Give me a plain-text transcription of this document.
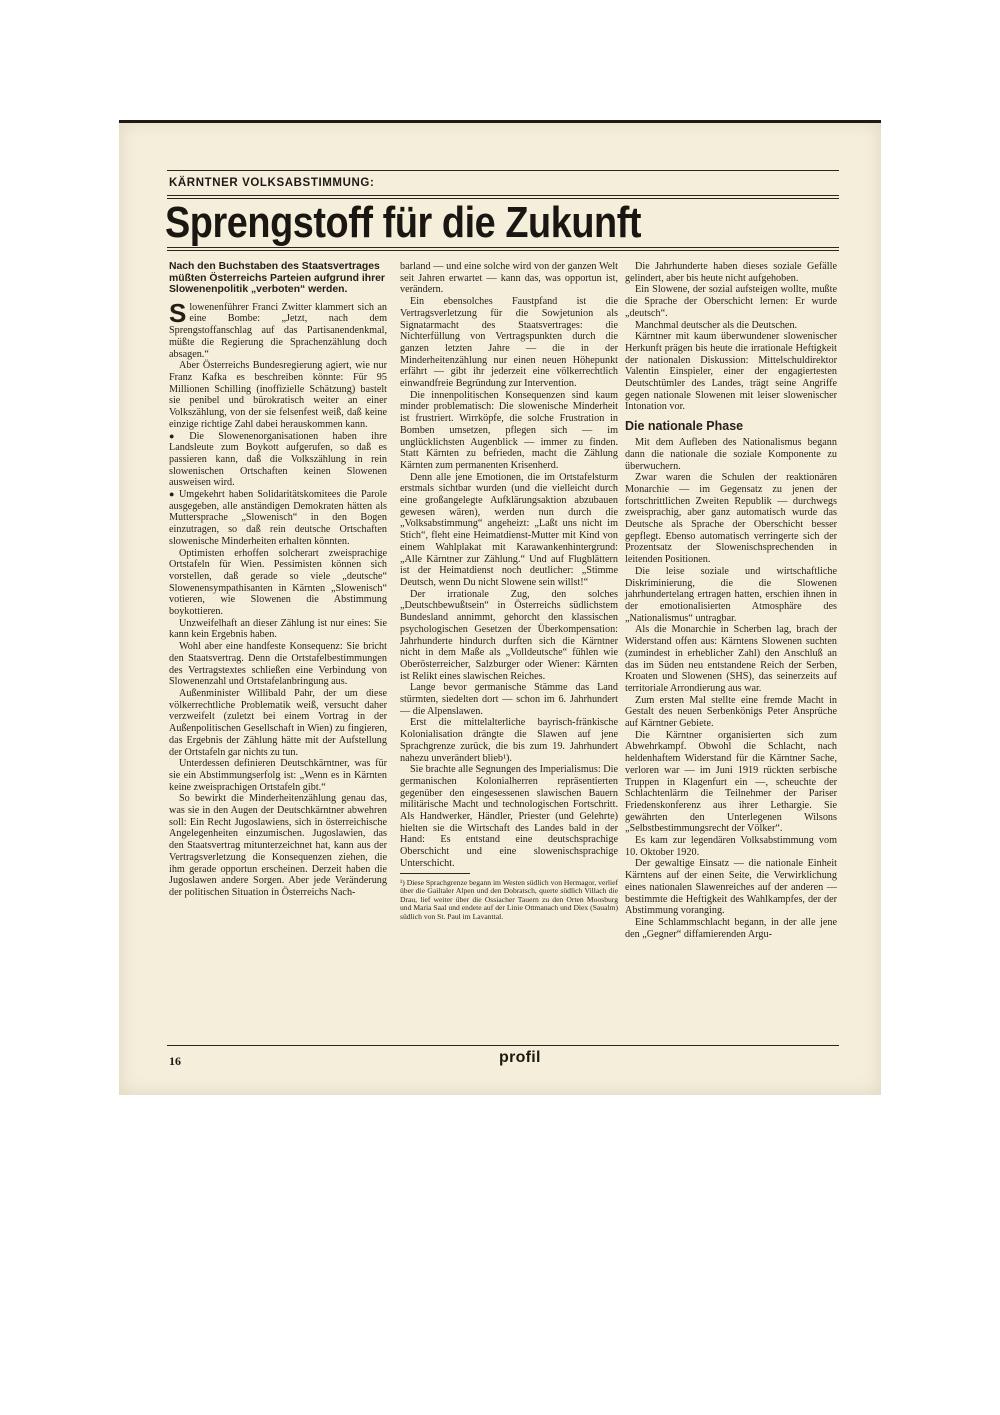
KÄRNTNER VOLKSABSTIMMUNG:
Sprengstoff für die Zukunft

Nach den Buchstaben des Staatsvertrages müßten Österreichs Parteien aufgrund ihrer Slowenenpolitik „verboten“ werden.

Slowenenführer Franci Zwitter klammert sich an eine Bombe: „Jetzt, nach dem Sprengstoffanschlag auf das Partisanendenkmal, müßte die Regierung die Sprachenzählung doch absagen.“

Aber Österreichs Bundesregierung agiert, wie nur Franz Kafka es beschreiben könnte: Für 95 Millionen Schilling (inoffizielle Schätzung) bastelt sie penibel und bürokratisch weiter an einer Volkszählung, von der sie felsenfest weiß, daß keine einzige richtige Zahl dabei herauskommen kann.

● Die Slowenenorganisationen haben ihre Landsleute zum Boykott aufgerufen, so daß es passieren kann, daß die Volkszählung in rein slowenischen Ortschaften keinen Slowenen ausweisen wird.

● Umgekehrt haben Solidaritätskomitees die Parole ausgegeben, alle anständigen Demokraten hätten als Muttersprache „Slowenisch“ in den Bogen einzutragen, so daß rein deutsche Ortschaften slowenische Minderheiten erhalten könnten.

Optimisten erhoffen solcherart zweisprachige Ortstafeln für Wien. Pessimisten können sich vorstellen, daß gerade so viele „deutsche“ Slowenensympathisanten in Kärnten „Slowenisch“ votieren, wie Slowenen die Abstimmung boykottieren.

Unzweifelhaft an dieser Zählung ist nur eines: Sie kann kein Ergebnis haben.

Wohl aber eine handfeste Konsequenz: Sie bricht den Staatsvertrag. Denn die Ortstafelbestimmungen des Vertragstextes schließen eine Verbindung von Slowenenzahl und Ortstafelanbringung aus.

Außenminister Willibald Pahr, der um diese völkerrechtliche Problematik weiß, versucht daher verzweifelt (zuletzt bei einem Vortrag in der Außenpolitischen Gesellschaft in Wien) zu fingieren, das Ergebnis der Zählung hätte mit der Aufstellung der Ortstafeln gar nichts zu tun.

Unterdessen definieren Deutschkärntner, was für sie ein Abstimmungserfolg ist: „Wenn es in Kärnten keine zweisprachigen Ortstafeln gibt.“

So bewirkt die Minderheitenzählung genau das, was sie in den Augen der Deutschkärntner abwehren soll: Ein Recht Jugoslawiens, sich in österreichische Angelegenheiten einzumischen. Jugoslawien, das den Staatsvertrag mitunterzeichnet hat, kann aus der Vertragsverletzung die Konsequenzen ziehen, die ihm gerade opportun erscheinen. Derzeit haben die Jugoslawen andere Sorgen. Aber jede Veränderung der politischen Situation in Österreichs Nach-

barland — und eine solche wird von der ganzen Welt seit Jahren erwartet — kann das, was opportun ist, verändern.

Ein ebensolches Faustpfand ist die Vertragsverletzung für die Sowjetunion als Signatarmacht des Staatsvertrages: die Nichterfüllung von Vertragspunkten durch die ganzen letzten Jahre — die in der Minderheitenzählung nur einen neuen Höhepunkt erfährt — gibt ihr jederzeit eine völkerrechtlich einwandfreie Begründung zur Intervention.

Die innenpolitischen Konsequenzen sind kaum minder problematisch: Die slowenische Minderheit ist frustriert. Wirrköpfe, die solche Frustration in Bomben umsetzen, pflegen sich — im unglücklichsten Augenblick — immer zu finden. Statt Kärnten zu befrieden, macht die Zählung Kärnten zum permanenten Krisenherd.

Denn alle jene Emotionen, die im Ortstafelsturm erstmals sichtbar wurden (und die vielleicht durch eine großangelegte Aufklärungsaktion abzubauen gewesen wären), werden nun durch die „Volksabstimmung“ angeheizt: „Laßt uns nicht im Stich“, fleht eine Heimatdienst-Mutter mit Kind von einem Wahlplakat mit Karawankenhintergrund: „Alle Kärntner zur Zählung.“ Und auf Flugblättern ist der Heimatdienst noch deutlicher: „Stimme Deutsch, wenn Du nicht Slowene sein willst!“

Der irrationale Zug, den solches „Deutschbewußtsein“ in Österreichs südlichstem Bundesland annimmt, gehorcht den klassischen psychologischen Gesetzen der Überkompensation: Jahrhunderte hindurch durften sich die Kärntner nicht in dem Maße als „Volldeutsche“ fühlen wie Oberösterreicher, Salzburger oder Wiener: Kärnten ist Relikt eines slawischen Reiches.

Lange bevor germanische Stämme das Land stürmten, siedelten dort — schon im 6. Jahrhundert — die Alpenslawen.

Erst die mittelalterliche bayrisch-fränkische Kolonialisation drängte die Slawen auf jene Sprachgrenze zurück, die bis zum 19. Jahrhundert nahezu unverändert blieb¹).

Sie brachte alle Segnungen des Imperialismus: Die germanischen Kolonialherren repräsentierten gegenüber den eingesessenen slawischen Bauern militärische Macht und technologischen Fortschritt. Als Handwerker, Händler, Priester (und Gelehrte) hielten sie die Wirtschaft des Landes bald in der Hand: Es entstand eine deutschsprachige Oberschicht und eine slowenischsprachige Unterschicht.

¹) Diese Sprachgrenze begann im Westen südlich von Hermagor, verlief über die Gailtaler Alpen und den Dobratsch, querte südlich Villach die Drau, lief weiter über die Ossiacher Tauern zu den Orten Moosburg und Maria Saal und endete auf der Linie Ottmanach und Diex (Saualm) südlich von St. Paul im Lavanttal.

Die Jahrhunderte haben dieses soziale Gefälle gelindert, aber bis heute nicht aufgehoben.

Ein Slowene, der sozial aufsteigen wollte, mußte die Sprache der Oberschicht lernen: Er wurde „deutsch“.

Manchmal deutscher als die Deutschen.

Kärntner mit kaum überwundener slowenischer Herkunft prägen bis heute die irrationale Heftigkeit der nationalen Diskussion: Mittelschuldirektor Valentin Einspieler, einer der engagiertesten Deutschtümler des Landes, trägt seine Angriffe gegen nationale Slowenen mit leiser slowenischer Intonation vor.

Die nationale Phase

Mit dem Aufleben des Nationalismus begann dann die nationale die soziale Komponente zu überwuchern.

Zwar waren die Schulen der reaktionären Monarchie — im Gegensatz zu jenen der fortschrittlichen Zweiten Republik — durchwegs zweisprachig, aber ganz automatisch wurde das Deutsche als Sprache der Oberschicht besser gepflegt. Ebenso automatisch verringerte sich der Prozentsatz der Slowenischsprechenden in leitenden Positionen.

Die leise soziale und wirtschaftliche Diskriminierung, die die Slowenen jahrhundertelang ertragen hatten, erschien ihnen in der emotionalisierten Atmosphäre des „Nationalismus“ untragbar.

Als die Monarchie in Scherben lag, brach der Widerstand offen aus: Kärntens Slowenen suchten (zumindest in erheblicher Zahl) den Anschluß an das im Süden neu entstandene Reich der Serben, Kroaten und Slowenen (SHS), das seinerzeits auf territoriale Arrondierung aus war.

Zum ersten Mal stellte eine fremde Macht in Gestalt des neuen Serbenkönigs Peter Ansprüche auf Kärntner Gebiete.

Die Kärntner organisierten sich zum Abwehrkampf. Obwohl die Schlacht, nach heldenhaftem Widerstand für die Kärntner Sache, verloren war — im Juni 1919 rückten serbische Truppen in Klagenfurt ein —, scheuchte der Schlachtenlärm die Teilnehmer der Pariser Friedenskonferenz aus ihrer Lethargie. Sie gewährten den Unterlegenen Wilsons „Selbstbestimmungsrecht der Völker“.

Es kam zur legendären Volksabstimmung vom 10. Oktober 1920.

Der gewaltige Einsatz — die nationale Einheit Kärntens auf der einen Seite, die Verwirklichung eines nationalen Slawenreiches auf der anderen — bestimmte die Heftigkeit des Wahlkampfes, der der Abstimmung voranging.

Eine Schlammschlacht begann, in der alle jene den „Gegner“ diffamierenden Argu-

16	profil
